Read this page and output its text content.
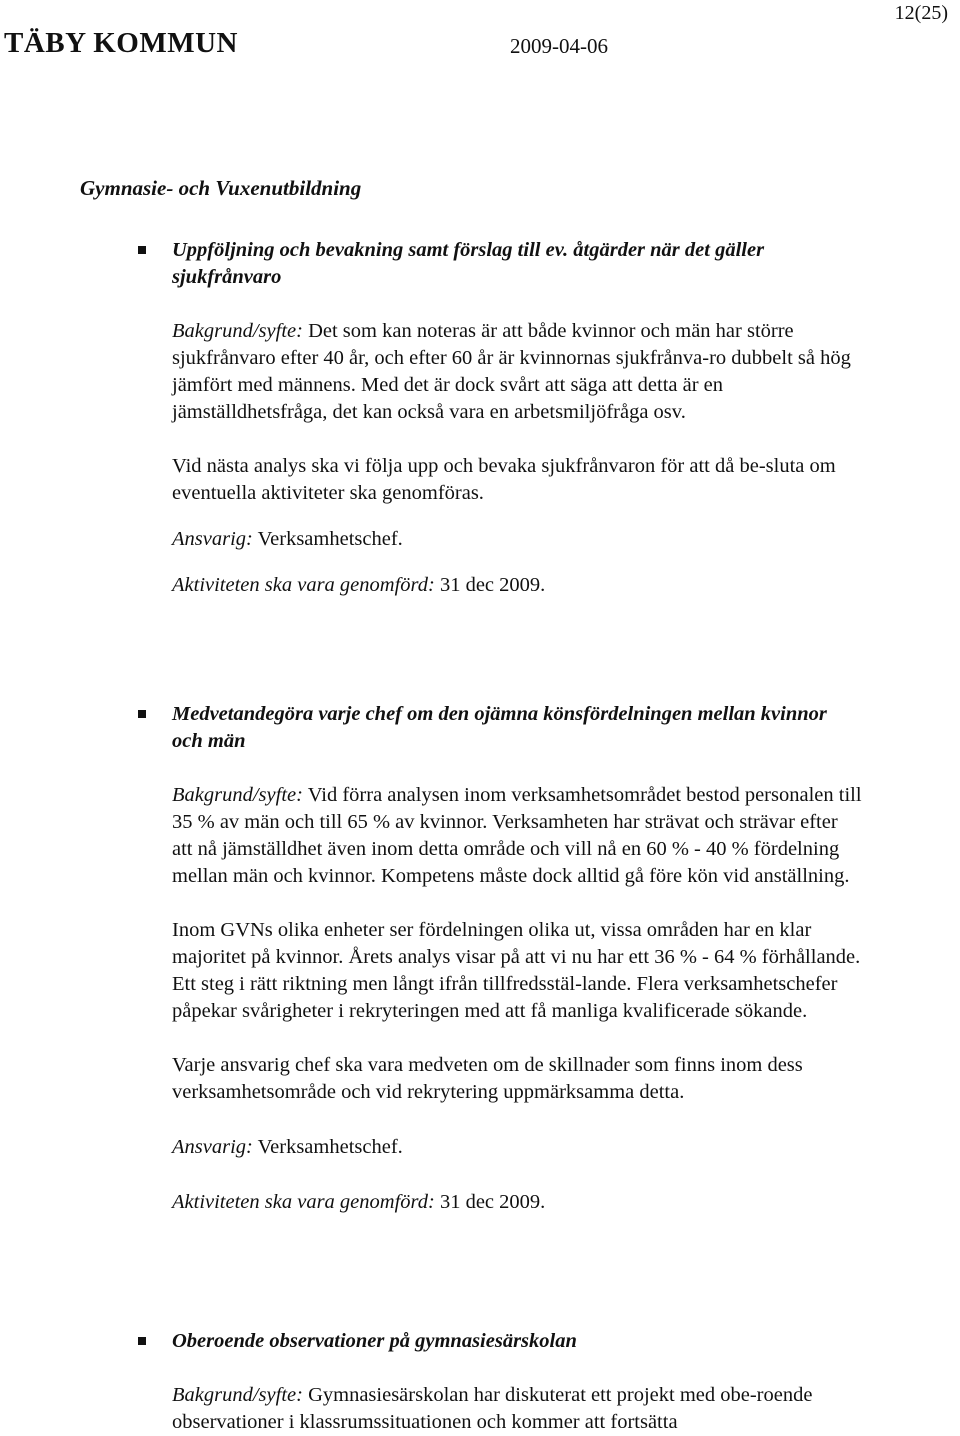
12(25)
TÄBY KOMMUN	2009-04-06
Gymnasie- och Vuxenutbildning

Uppföljning och bevakning samt förslag till ev. åtgärder när det gäller sjukfrånvaro

Bakgrund/syfte: Det som kan noteras är att både kvinnor och män har större sjukfrånvaro efter 40 år, och efter 60 år är kvinnornas sjukfrånva-ro dubbelt så hög jämfört med männens. Med det är dock svårt att säga att detta är en jämställdhetsfråga, det kan också vara en arbetsmiljöfråga osv.

Vid nästa analys ska vi följa upp och bevaka sjukfrånvaron för att då be-sluta om eventuella aktiviteter ska genomföras.

Ansvarig: Verksamhetschef.

Aktiviteten ska vara genomförd: 31 dec 2009.

Medvetandegöra varje chef om den ojämna könsfördelningen mellan kvinnor och män

Bakgrund/syfte: Vid förra analysen inom verksamhetsområdet bestod personalen till 35 % av män och till 65 % av kvinnor. Verksamheten har strävat och strävar efter att nå jämställdhet även inom detta område och vill nå en 60 % - 40 % fördelning mellan män och kvinnor. Kompetens måste dock alltid gå före kön vid anställning.

Inom GVNs olika enheter ser fördelningen olika ut, vissa områden har en klar majoritet på kvinnor. Årets analys visar på att vi nu har ett 36 % - 64 % förhållande. Ett steg i rätt riktning men långt ifrån tillfredsstäl-lande. Flera verksamhetschefer påpekar svårigheter i rekryteringen med att få manliga kvalificerade sökande.

Varje ansvarig chef ska vara medveten om de skillnader som finns inom dess verksamhetsområde och vid rekrytering uppmärksamma detta.

Ansvarig: Verksamhetschef.

Aktiviteten ska vara genomförd: 31 dec 2009.

Oberoende observationer på gymnasiesärskolan

Bakgrund/syfte: Gymnasiesärskolan har diskuterat ett projekt med obe-roende observationer i klassrumssituationen och kommer att fortsätta
